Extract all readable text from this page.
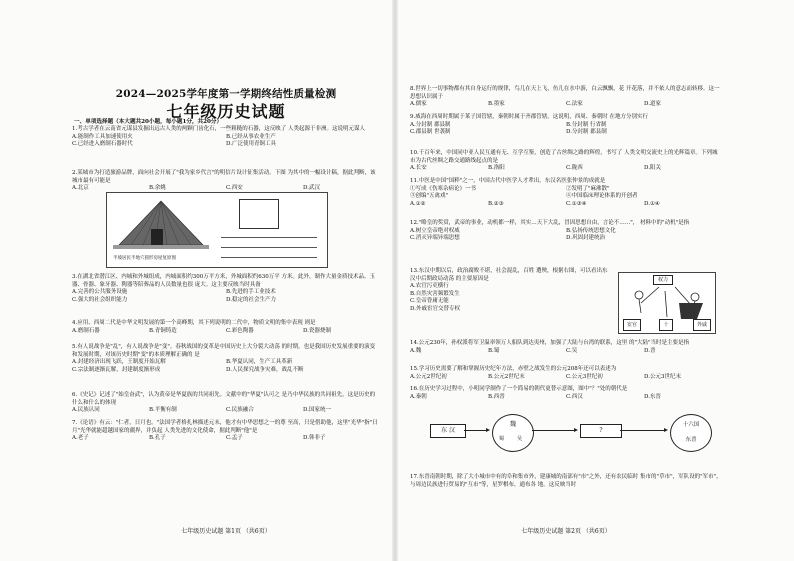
2024—2025学年度第一学期终结性质量检测
七年级历史试题
一、单项选择题（本大题共20小题，每小题1分，共20分）
1.考古学者在云南省元谋县发掘出远古人类的两颗门齿化石，一些粗糙的石器，这反映了 人类起源于非洲。这说明元谋人
A.能制作工具加速使用火	B.已经从事农业生产
C.已经进入磨制石器时代	D.广泛使用青铜工具
2.某城市为打造旅游品牌，面向社会开展了"我为家乡代言"的明信片设计征集活动。下图 为其中的一幅设计稿，据此判断，该城市最有可能是
A.北京	B.余姚	C.西安	D.武汉
3.在湖北省潜江区、内城和外城组成，内城面积约300万平方米，外城面积约630万平 方米。此外，制作大量金质技术品、玉器、骨器、象牙器、陶器等陪葬品的人员数量也很 庞大。这主要反映当时具备
A.完善的公共服务设施	B.先进的手工业技术
C.强大的社会组织能力	D.稳定的社会生产力
4.应用、西周二代是中华文明发展的第一个高峰期，其下列说明的二代中，物质文明的集中表现 则是
A.磨制石器	B.青铜铸造	C.彩色陶器	D.瓷器烧制
5.有人说战争是"乱"，有人说战争是"变"。春秋战国的变革是中国历史上大分裂大动荡 的时期，也是我国历史发展重要的演变和发展时期，对该历史时期"变"的本质理解正确的 是
A.封建经济出现飞跃，王制度开始瓦解	B.华夏认同，生产工具革新
C.宗法制逐渐瓦解，封建制度渐形成	D.人民探究战争灾难，战乱不断
6.《史记》记述了"始皇奋武"，认为黄帝是华夏族的共同祖先。文献中的"华夏"认可之 是乃中华民族的共同祖先，这是历史的什么和什么的体现
A.民族认同	B.平衡有制	C.民族融合	D.国家统一
7.《论语》有云："仁者，日月也。"法国学者格扎林描述元末，他才有中华思想之一的尊 至高，只是借助他，这里"光华"指"日月"光华就能超越国家的疆界，并负起 人类先进的文化使命，据此判断"他"是
A.老子	B.孔子	C.孟子	D.韩非子
半坡居民半地穴圆形房屋复原图
七年级历史试题 第1页 （共6页）
8.世界上一切事物都有其自身运行的规律，鸟儿在天上飞，鱼儿在水中游，白云飘飘，花 开花落，并不依人的意志而转移。这一思想认识属于
A.儒家	B.墨家	C.法家	D.道家
9.威海在西周时期属于莱子国管辖，秦朝时属于齐郡管辖。这说明，西周、秦朝时 在地方分别实行
A.分封制 郡县制	B.分封制 行省制
C.郡县制 世袭制	D.分封制 郡县制
10.千百年来，中国同中亚人民互通有无、互学互鉴，创造了古丝绸之路的辉煌，书写了 人类文明交流史上的光辉篇章。下列城市为古代丝绸之路交通路线起点的是
A.长安	B.洛阳	C.陇西	D.阳关
11.中医是中国"国粹"之一，中国古代中医学人才辈出。东汉名医张仲景的成就是
①写成《伤寒杂病论》一书	②发明了"麻沸散"
③创编"五禽戏"	④中国临床理论体系的开创者
A.①②	B.②③	C.①③④	D.①④
12."略皇的奖赏，武帝的事业，动机都一样，其实…天下大乱，冒因思想自由，言论不……"， 材料中的"动机"是指
A.树立皇帝绝对权威	B.弘扬传统思想文化
C.消灭异端异端思想	D.巩固封建统治
13.东汉中期以后，政治腐败不堪，社会混乱，百姓 遭殃，根据右图，可以看出东汉中后期政局动荡 的主要原因是
A.农官污吏横行
B.自然灾害频繁发生
C.皇帝昏庸无能
D.外戚宦官交替专权
14.公元230年，孙权派将军卫温率领万人船队到达夷州，加强了大陆与台湾的联系，这里 的"大陆"当时是主要是指
A.魏	B.蜀	C.吴	D.晋
15.学习历史需要了解和掌握历史纪年方法，赤壁之战发生的公元208年还可以表述为
A.公元2世纪初	B.公元2世纪末	C.公元3世纪初	D.公元3世纪末
16.在历史学习过程中，小明同学制作了一个简易的朝代更替示意图，图中"？"处的朝代是
A.秦朝	B.西晋	C.西汉	D.东晋
17.东晋南朝时期，除了大小城市中有的阜和集市外，建康城的南部有"市"之外，还有农民临时 集市的"草市"，军队设的"军市"，与周边民族进行贸易的"互市"等，星罗棋布，通布各 地。这反映当时
权力
宦官	十	外戚
东 汉
魏
蜀	吴
?
十六国
东晋
七年级历史试题 第2页 （共6页）
